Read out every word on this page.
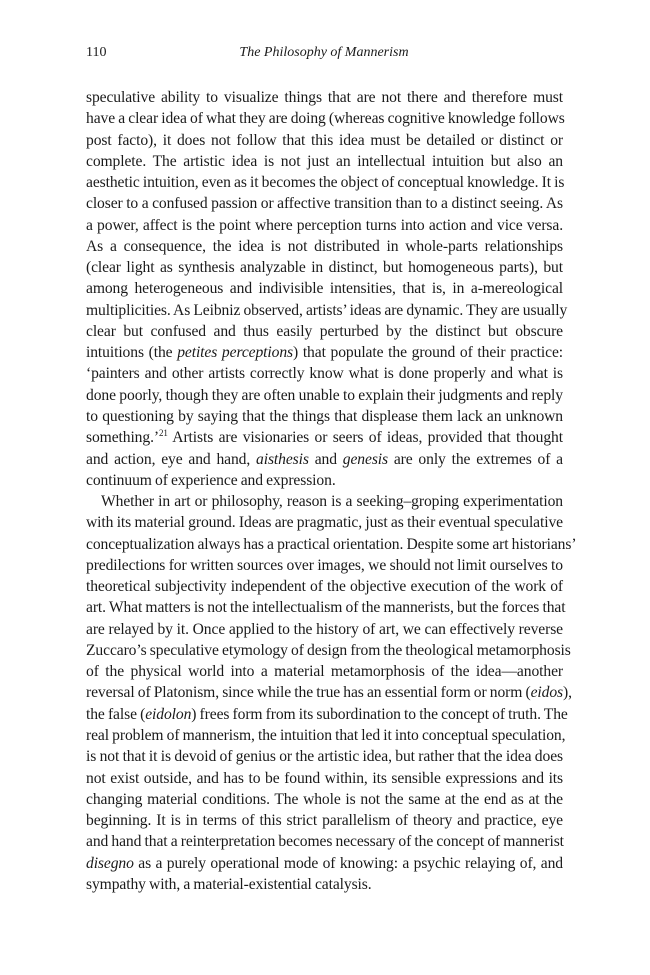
110	The Philosophy of Mannerism
speculative ability to visualize things that are not there and therefore must
have a clear idea of what they are doing (whereas cognitive knowledge follows
post facto), it does not follow that this idea must be detailed or distinct or
complete. The artistic idea is not just an intellectual intuition but also an
aesthetic intuition, even as it becomes the object of conceptual knowledge. It is
closer to a confused passion or affective transition than to a distinct seeing. As
a power, affect is the point where perception turns into action and vice versa.
As a consequence, the idea is not distributed in whole-parts relationships
(clear light as synthesis analyzable in distinct, but homogeneous parts), but
among heterogeneous and indivisible intensities, that is, in a-mereological
multiplicities. As Leibniz observed, artists’ ideas are dynamic. They are usually
clear but confused and thus easily perturbed by the distinct but obscure
intuitions (the petites perceptions) that populate the ground of their practice:
‘painters and other artists correctly know what is done properly and what is
done poorly, though they are often unable to explain their judgments and reply
to questioning by saying that the things that displease them lack an unknown
something.’$^{21}$ Artists are visionaries or seers of ideas, provided that thought
and action, eye and hand, aisthesis and genesis are only the extremes of a
continuum of experience and expression.
Whether in art or philosophy, reason is a seeking–groping experimentation
with its material ground. Ideas are pragmatic, just as their eventual speculative
conceptualization always has a practical orientation. Despite some art historians’
predilections for written sources over images, we should not limit ourselves to
theoretical subjectivity independent of the objective execution of the work of
art. What matters is not the intellectualism of the mannerists, but the forces that
are relayed by it. Once applied to the history of art, we can effectively reverse
Zuccaro’s speculative etymology of design from the theological metamorphosis
of the physical world into a material metamorphosis of the idea—another
reversal of Platonism, since while the true has an essential form or norm (eidos),
the false (eidolon) frees form from its subordination to the concept of truth. The
real problem of mannerism, the intuition that led it into conceptual speculation,
is not that it is devoid of genius or the artistic idea, but rather that the idea does
not exist outside, and has to be found within, its sensible expressions and its
changing material conditions. The whole is not the same at the end as at the
beginning. It is in terms of this strict parallelism of theory and practice, eye
and hand that a reinterpretation becomes necessary of the concept of mannerist
disegno as a purely operational mode of knowing: a psychic relaying of, and
sympathy with, a material-existential catalysis.
